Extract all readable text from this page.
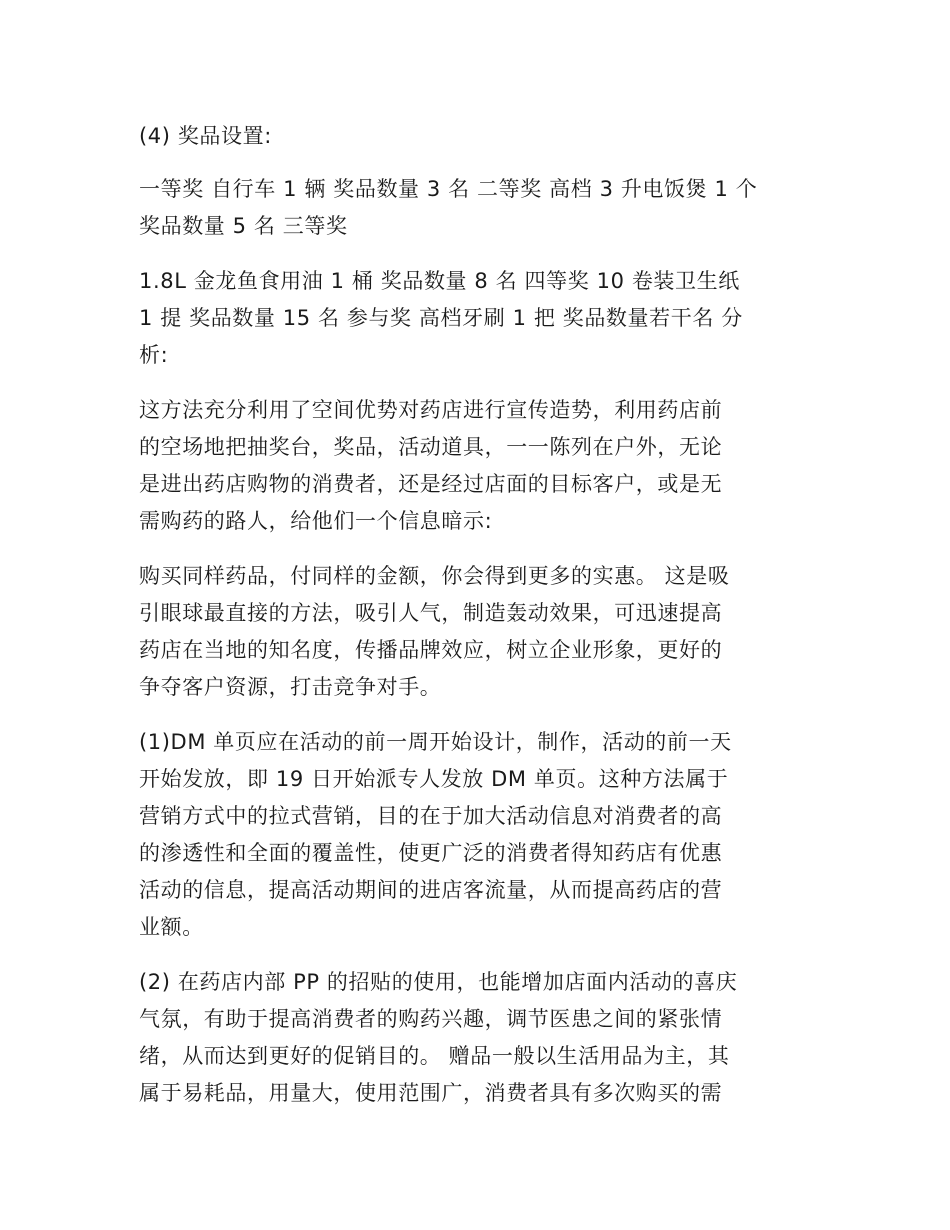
(4) 奖品设置:

一等奖 自行车 1 辆 奖品数量 3 名 二等奖 高档 3 升电饭煲 1 个
奖品数量 5 名 三等奖

1.8L 金龙鱼食用油 1 桶 奖品数量 8 名 四等奖 10 卷装卫生纸
1 提 奖品数量 15 名 参与奖 高档牙刷 1 把 奖品数量若干名 分
析:

这方法充分利用了空间优势对药店进行宣传造势，利用药店前
的空场地把抽奖台，奖品，活动道具，一一陈列在户外，无论
是进出药店购物的消费者，还是经过店面的目标客户，或是无
需购药的路人，给他们一个信息暗示:

购买同样药品，付同样的金额，你会得到更多的实惠。 这是吸
引眼球最直接的方法，吸引人气，制造轰动效果，可迅速提高
药店在当地的知名度，传播品牌效应，树立企业形象，更好的
争夺客户资源，打击竞争对手。

(1)DM 单页应在活动的前一周开始设计，制作，活动的前一天
开始发放，即 19 日开始派专人发放 DM 单页。这种方法属于
营销方式中的拉式营销，目的在于加大活动信息对消费者的高
的渗透性和全面的覆盖性，使更广泛的消费者得知药店有优惠
活动的信息，提高活动期间的进店客流量，从而提高药店的营
业额。

(2) 在药店内部 PP 的招贴的使用，也能增加店面内活动的喜庆
气氛，有助于提高消费者的购药兴趣，调节医患之间的紧张情
绪，从而达到更好的促销目的。 赠品一般以生活用品为主，其
属于易耗品，用量大，使用范围广，消费者具有多次购买的需
